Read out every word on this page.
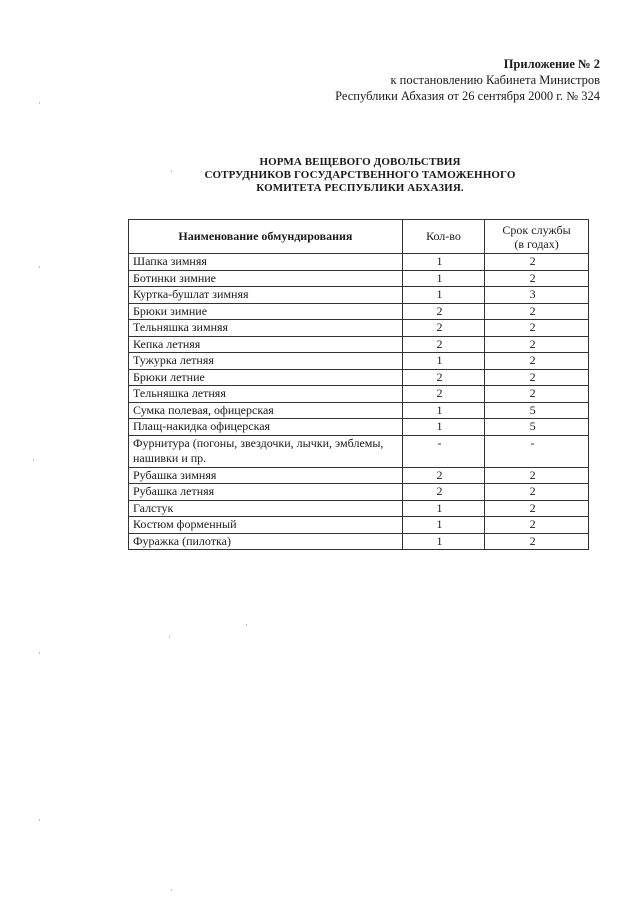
Приложение № 2
к постановлению Кабинета Министров
Республики Абхазия от 26 сентября 2000 г. № 324
НОРМА ВЕЩЕВОГО ДОВОЛЬСТВИЯ
СОТРУДНИКОВ ГОСУДАРСТВЕННОГО ТАМОЖЕННОГО
КОМИТЕТА РЕСПУБЛИКИ АБХАЗИЯ.
Наименование обмундирования	Кол-во	Срок службы
(в годах)

Шапка зимняя	1	2
Ботинки зимние	1	2
Куртка-бушлат зимняя	1	3
Брюки зимние	2	2
Тельняшка зимняя	2	2
Кепка летняя	2	2
Тужурка летняя	1	2
Брюки летние	2	2
Тельняшка летняя	2	2
Сумка полевая, офицерская	1	5
Плащ-накидка офицерская	1	5
Фурнитура (погоны, звездочки, лычки, эмблемы, нашивки и пр.	-	-
Рубашка зимняя	2	2
Рубашка летняя	2	2
Галстук	1	2
Костюм форменный	1	2
Фуражка (пилотка)	1	2
·
·
·
·
·
·
·
·
·
